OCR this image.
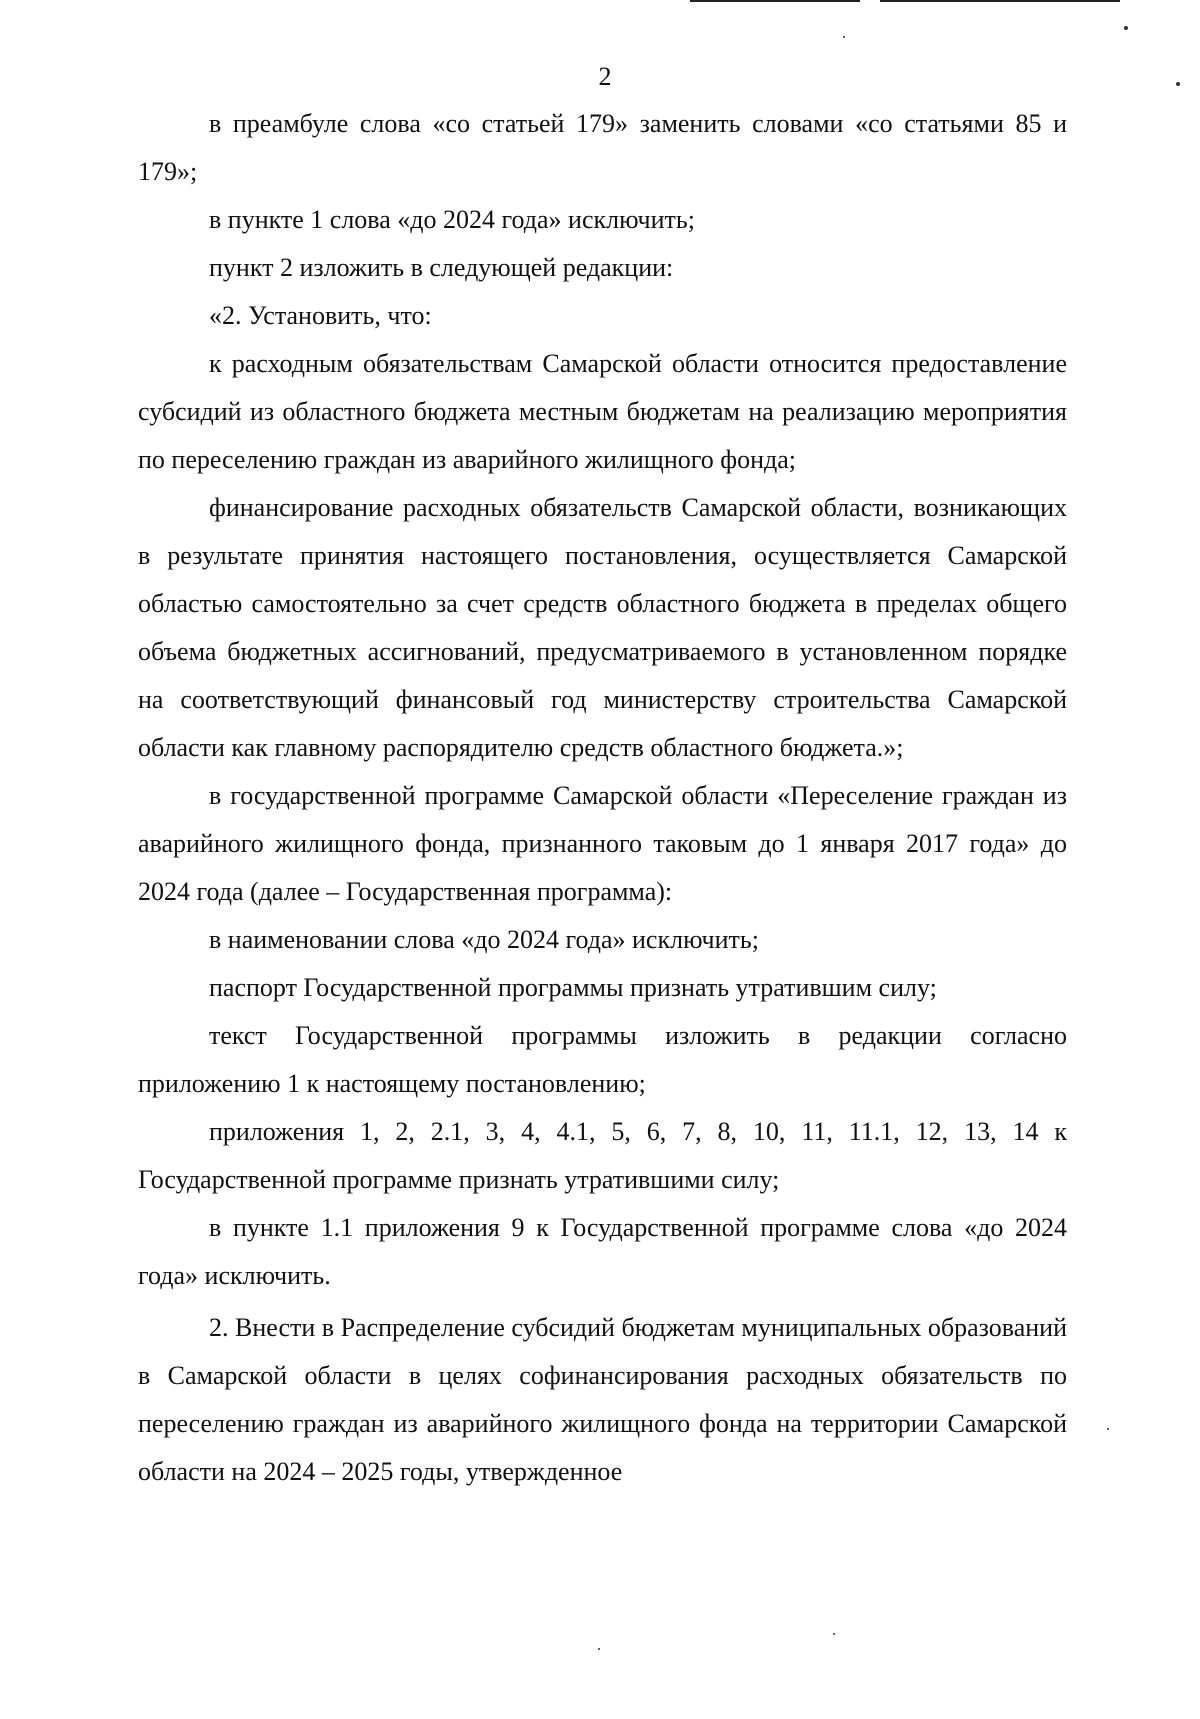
2

в преамбуле слова «со статьей 179» заменить словами «со статьями 85 и 179»;

в пункте 1 слова «до 2024 года» исключить;

пункт 2 изложить в следующей редакции:

«2. Установить, что:

к расходным обязательствам Самарской области относится предоставление субсидий из областного бюджета местным бюджетам на реализацию мероприятия по переселению граждан из аварийного жилищного фонда;

финансирование расходных обязательств Самарской области, возникающих в результате принятия настоящего постановления, осуществляется Самарской областью самостоятельно за счет средств областного бюджета в пределах общего объема бюджетных ассигнований, предусматриваемого в установленном порядке на соответствующий финансовый год министерству строительства Самарской области как главному распорядителю средств областного бюджета.»;

в государственной программе Самарской области «Переселение граждан из аварийного жилищного фонда, признанного таковым до 1 января 2017 года» до 2024 года (далее – Государственная программа):

в наименовании слова «до 2024 года» исключить;

паспорт Государственной программы признать утратившим силу;

текст Государственной программы изложить в редакции согласно приложению 1 к настоящему постановлению;

приложения 1, 2, 2.1, 3, 4, 4.1, 5, 6, 7, 8, 10, 11, 11.1, 12, 13, 14 к Государственной программе признать утратившими силу;

в пункте 1.1 приложения 9 к Государственной программе слова «до 2024 года» исключить.

2. Внести в Распределение субсидий бюджетам муниципальных образований в Самарской области в целях софинансирования расходных обязательств по переселению граждан из аварийного жилищного фонда на территории Самарской области на 2024 – 2025 годы, утвержденное
